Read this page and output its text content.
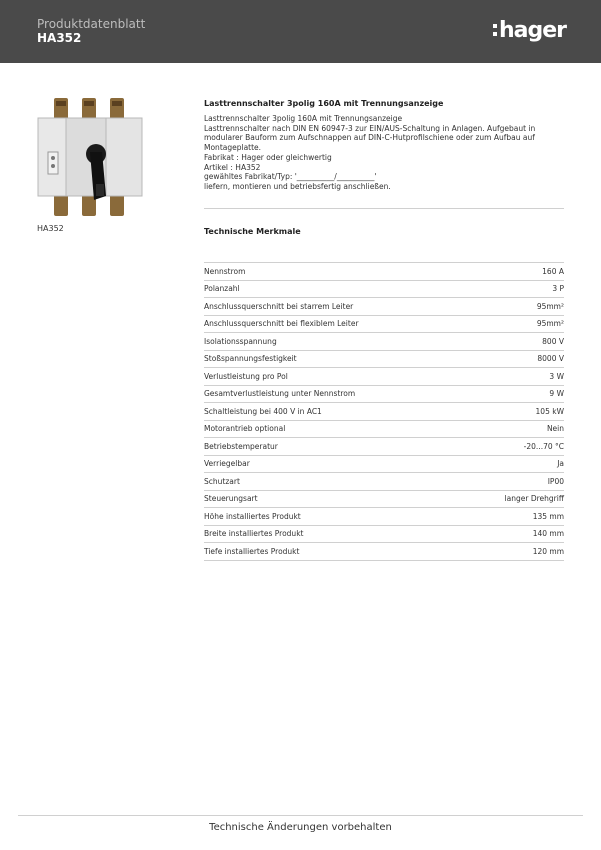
Produktdatenblatt
HA352	hager
HA352
Lasttrennschalter 3polig 160A mit Trennungsanzeige
Lasttrennschalter 3polig 160A mit Trennungsanzeige
Lasttrennschalter nach DIN EN 60947-3 zur EIN/AUS-Schaltung in Anlagen. Aufgebaut in
modularer Bauform zum Aufschnappen auf DIN-C-Hutprofilschiene oder zum Aufbau auf
Montageplatte.
Fabrikat : Hager oder gleichwertig
Artikel : HA352
gewähltes Fabrikat/Typ: '__________/__________'
liefern, montieren und betriebsfertig anschließen.
Technische Merkmale
Nennstrom	160 A
Polanzahl	3 P
Anschlussquerschnitt bei starrem Leiter	95mm²
Anschlussquerschnitt bei flexiblem Leiter	95mm²
Isolationsspannung	800 V
Stoßspannungsfestigkeit	8000 V
Verlustleistung pro Pol	3 W
Gesamtverlustleistung unter Nennstrom	9 W
Schaltleistung bei 400 V in AC1	105 kW
Motorantrieb optional	Nein
Betriebstemperatur	-20...70 °C
Verriegelbar	Ja
Schutzart	IP00
Steuerungsart	langer Drehgriff
Höhe installiertes Produkt	135 mm
Breite installiertes Produkt	140 mm
Tiefe installiertes Produkt	120 mm
Technische Änderungen vorbehalten
